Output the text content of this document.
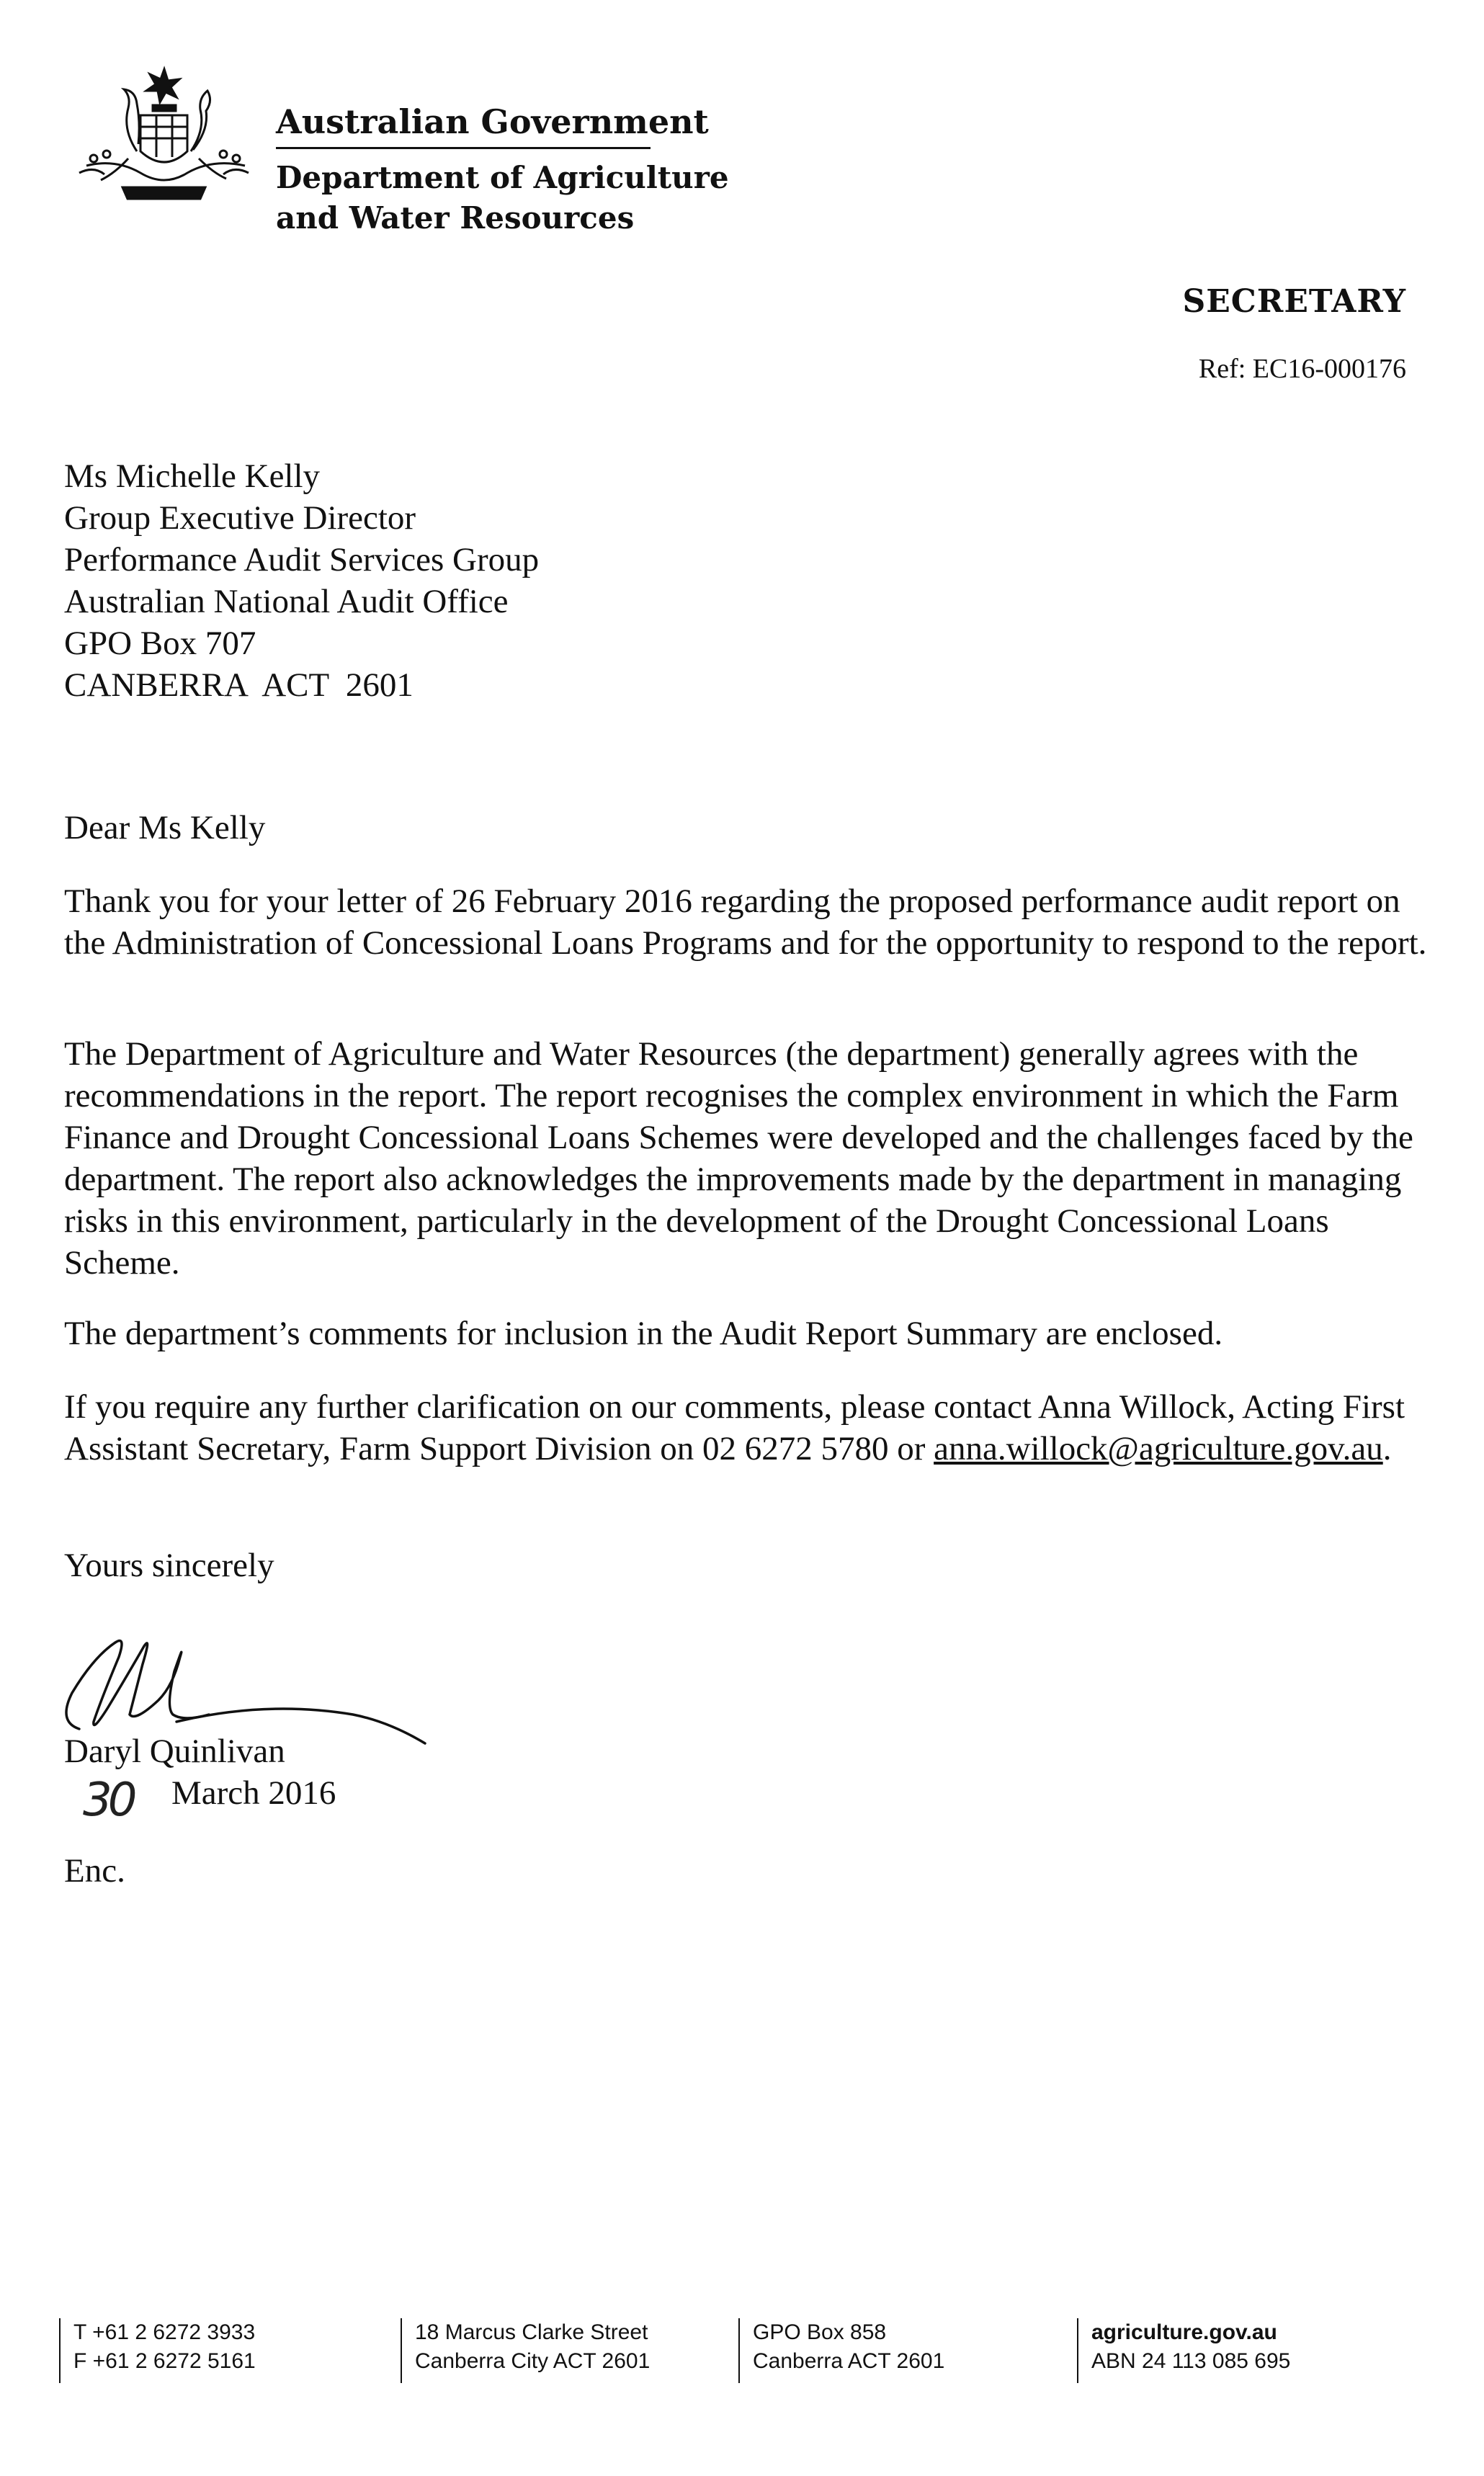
Australian Government
Department of Agriculture
and Water Resources
SECRETARY
Ref: EC16-000176
Ms Michelle Kelly
Group Executive Director
Performance Audit Services Group
Australian National Audit Office
GPO Box 707
CANBERRA  ACT  2601
Dear Ms Kelly
Thank you for your letter of 26 February 2016 regarding the proposed performance audit report on the Administration of Concessional Loans Programs and for the opportunity to respond to the report.
The Department of Agriculture and Water Resources (the department) generally agrees with the recommendations in the report. The report recognises the complex environment in which the Farm Finance and Drought Concessional Loans Schemes were developed and the challenges faced by the department. The report also acknowledges the improvements made by the department in managing risks in this environment, particularly in the development of the Drought Concessional Loans Scheme.
The department’s comments for inclusion in the Audit Report Summary are enclosed.
If you require any further clarification on our comments, please contact Anna Willock, Acting First Assistant Secretary, Farm Support Division on 02 6272 5780 or anna.willock@agriculture.gov.au.
Yours sincerely
Daryl Quinlivan
30 March 2016
Enc.
T +61 2 6272 3933
F +61 2 6272 5161
18 Marcus Clarke Street
Canberra City ACT 2601
GPO Box 858
Canberra ACT 2601
agriculture.gov.au
ABN 24 113 085 695
